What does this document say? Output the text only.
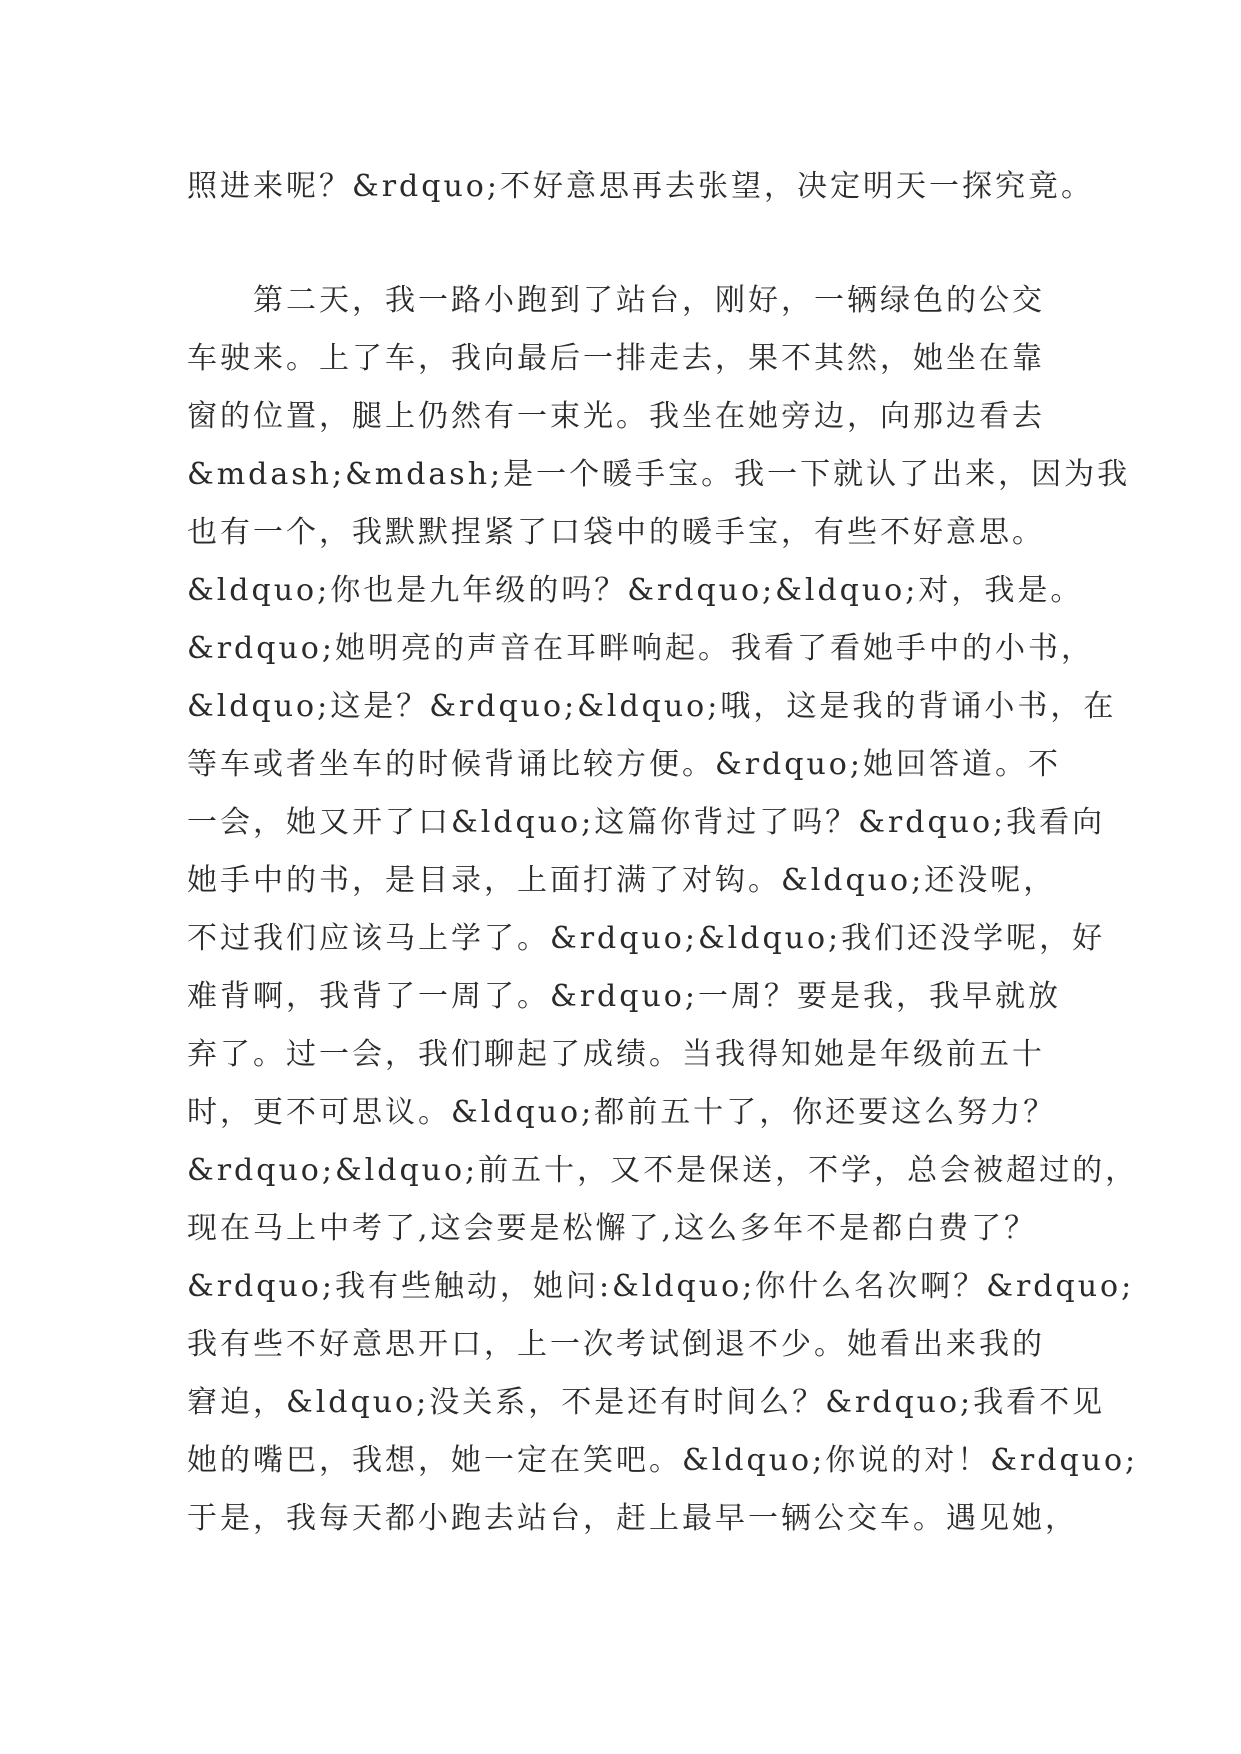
照进来呢？&rdquo;不好意思再去张望，决定明天一探究竟。
　　第二天，我一路小跑到了站台，刚好，一辆绿色的公交
车驶来。上了车，我向最后一排走去，果不其然，她坐在靠
窗的位置，腿上仍然有一束光。我坐在她旁边，向那边看去
&mdash;&mdash;是一个暖手宝。我一下就认了出来，因为我
也有一个，我默默捏紧了口袋中的暖手宝，有些不好意思。
&ldquo;你也是九年级的吗？&rdquo;&ldquo;对，我是。
&rdquo;她明亮的声音在耳畔响起。我看了看她手中的小书，
&ldquo;这是？&rdquo;&ldquo;哦，这是我的背诵小书，在
等车或者坐车的时候背诵比较方便。&rdquo;她回答道。不
一会，她又开了口&ldquo;这篇你背过了吗？&rdquo;我看向
她手中的书，是目录，上面打满了对钩。&ldquo;还没呢，
不过我们应该马上学了。&rdquo;&ldquo;我们还没学呢，好
难背啊，我背了一周了。&rdquo;一周？要是我，我早就放
弃了。过一会，我们聊起了成绩。当我得知她是年级前五十
时，更不可思议。&ldquo;都前五十了，你还要这么努力？
&rdquo;&ldquo;前五十，又不是保送，不学，总会被超过的，
现在马上中考了,这会要是松懈了,这么多年不是都白费了？
&rdquo;我有些触动，她问:&ldquo;你什么名次啊？&rdquo;
我有些不好意思开口，上一次考试倒退不少。她看出来我的
窘迫，&ldquo;没关系，不是还有时间么？&rdquo;我看不见
她的嘴巴，我想，她一定在笑吧。&ldquo;你说的对！&rdquo;
于是，我每天都小跑去站台，赶上最早一辆公交车。遇见她，
